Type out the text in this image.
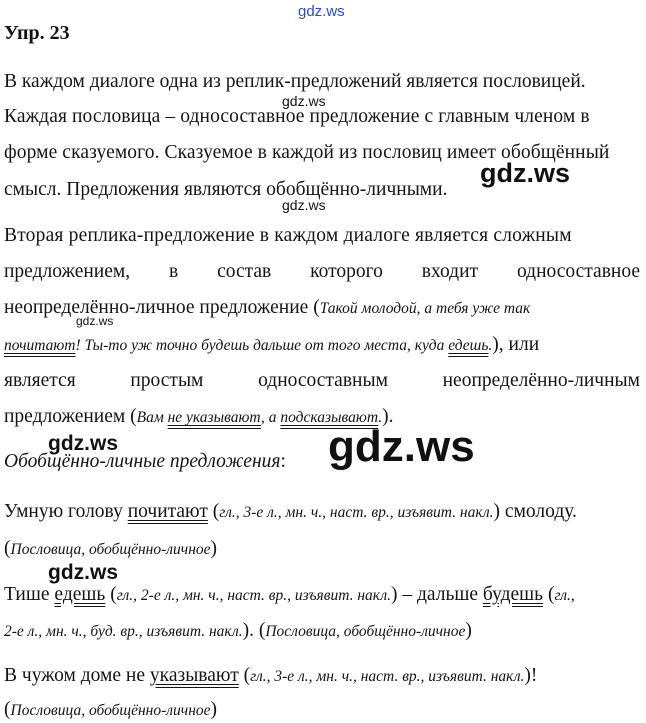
gdz.ws
gdz.ws
gdz.ws
gdz.ws
gdz.ws
gdz.ws	gdz.ws
gdz.ws
Упр. 23
В каждом диалоге одна из реплик-предложений является пословицей.
Каждая пословица – односоставное предложение с главным членом в
форме сказуемого. Сказуемое в каждой из пословиц имеет обобщённый
смысл. Предложения являются обобщённо-личными.
Вторая реплика-предложение в каждом диалоге является сложным
предложением, в состав которого входит односоставное
неопределённо-личное предложение (Такой молодой, а тебя уже так
почитают! Ты-то уж точно будешь дальше от того места, куда едешь.), или
является	простым	односоставным	неопределённо-личным
предложением (Вам не указывают, а подсказывают.).
Обобщённо-личные предложения:
Умную голову почитают (гл., 3-е л., мн. ч., наст. вр., изъявит. накл.) смолоду.
(Пословица, обобщённо-личное)
Тише едешь (гл., 2-е л., мн. ч., наст. вр., изъявит. накл.) – дальше будешь (гл.,
2-е л., мн. ч., буд. вр., изъявит. накл.). (Пословица, обобщённо-личное)
В чужом доме не указывают (гл., 3-е л., мн. ч., наст. вр., изъявит. накл.)!
(Пословица, обобщённо-личное)
